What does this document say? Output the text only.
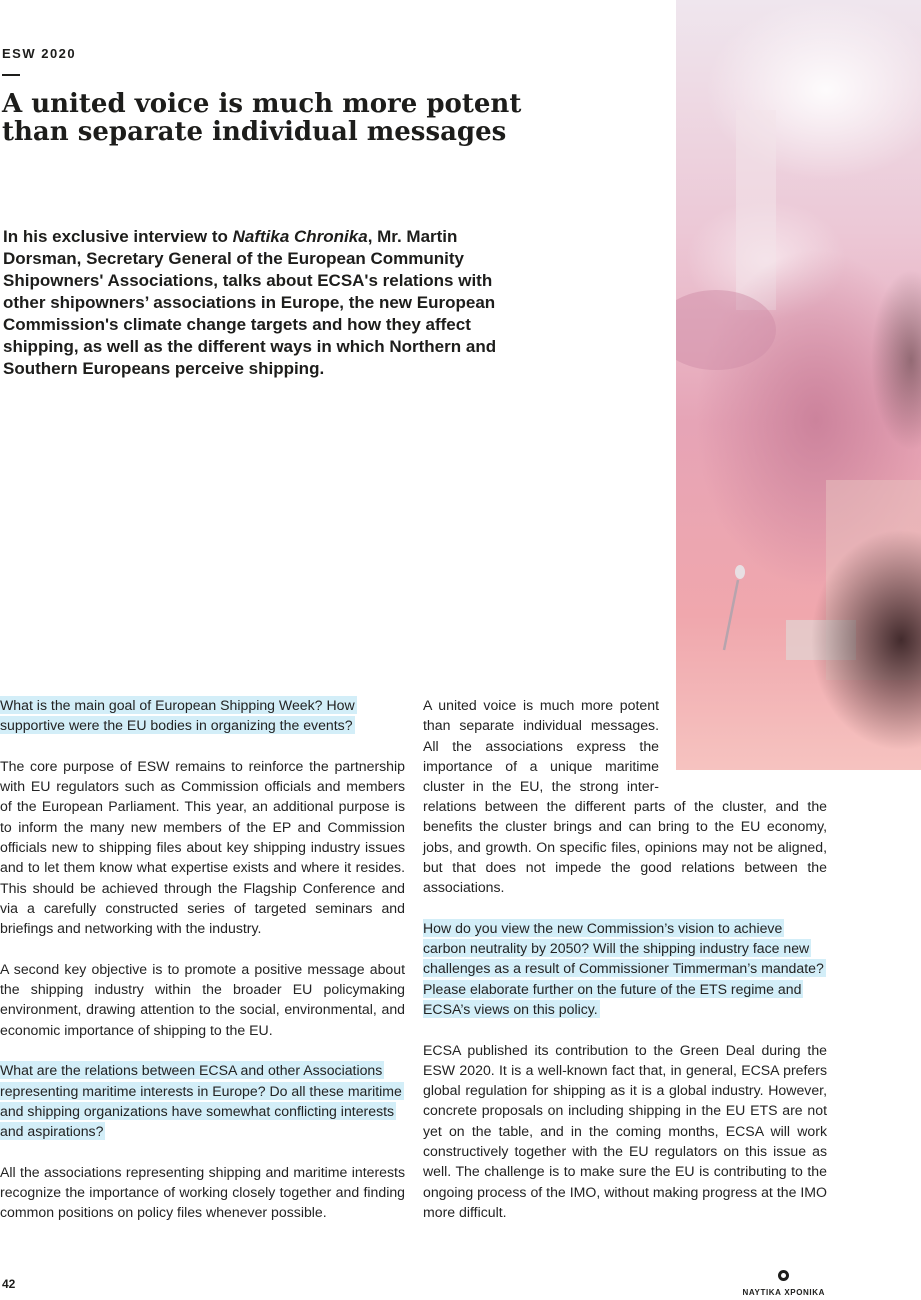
ESW 2020
A united voice is much more potent than separate individual messages

In his exclusive interview to Naftika Chronika, Mr. Martin Dorsman, Secretary General of the European Community Shipowners' Associations, talks about ECSA's relations with other shipowners’ associations in Europe, the new European Commission's climate change targets and how they affect shipping, as well as the different ways in which Northern and Southern Europeans perceive shipping.

What is the main goal of European Shipping Week? How supportive were the EU bodies in organizing the events?

The core purpose of ESW remains to reinforce the partnership with EU regulators such as Commission officials and members of the European Parliament. This year, an additional purpose is to inform the many new members of the EP and Commission officials new to shipping files about key shipping industry issues and to let them know what expertise exists and where it resides. This should be achieved through the Flagship Conference and via a carefully constructed series of targeted seminars and briefings and networking with the industry.

A second key objective is to promote a positive message about the shipping industry within the broader EU policymaking environment, drawing attention to the social, environmental, and economic importance of shipping to the EU.

What are the relations between ECSA and other Associations representing maritime interests in Europe? Do all these maritime and shipping organizations have somewhat conflicting interests and aspirations?

All the associations representing shipping and maritime interests recognize the importance of working closely together and finding common positions on policy files whenever possible.

A united voice is much more potent than separate individual messages. All the associations express the importance of a unique maritime cluster in the EU, the strong inter-

relations between the different parts of the cluster, and the benefits the cluster brings and can bring to the EU economy, jobs, and growth. On specific files, opinions may not be aligned, but that does not impede the good relations between the associations.

How do you view the new Commission’s vision to achieve carbon neutrality by 2050? Will the shipping industry face new challenges as a result of Commissioner Timmerman’s mandate? Please elaborate further on the future of the ETS regime and ECSA’s views on this policy.

ECSA published its contribution to the Green Deal during the ESW 2020. It is a well-known fact that, in general, ECSA prefers global regulation for shipping as it is a global industry. However, concrete proposals on including shipping in the EU ETS are not yet on the table, and in the coming months, ECSA will work constructively together with the EU regulators on this issue as well. The challenge is to make sure the EU is contributing to the ongoing process of the IMO, without making progress at the IMO more difficult.

42
ΝΑΥΤΙΚΑ ΧΡΟΝΙΚΑ
